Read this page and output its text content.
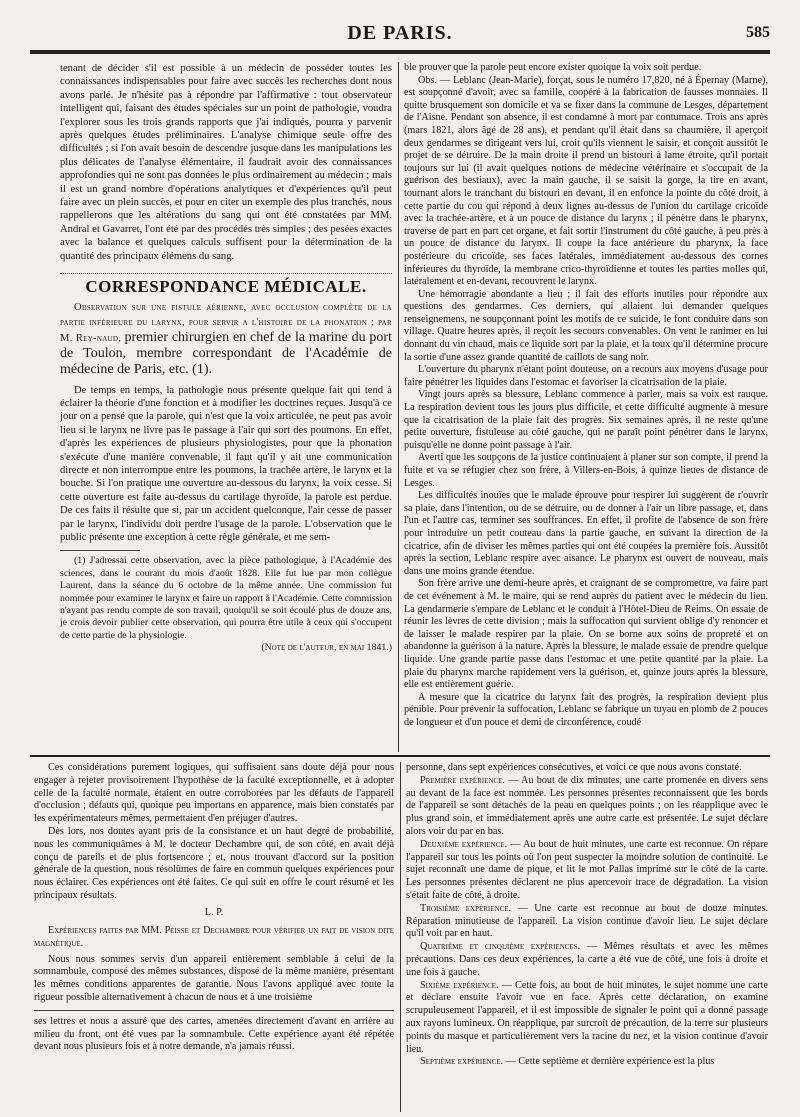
DE PARIS.	585

tenant de décider s'il est possible à un médecin de posséder toutes les connaissances indispensables pour faire avec succès les recherches dont nous avons parlé. Je n'hésite pas à répondre par l'affirmative : tout observateur intelligent qui, faisant des études spéciales sur un point de pathologie, voudra l'explorer sous les trois grands rapports que j'ai indiqués, pourra y parvenir après quelques études préliminaires. L'analyse chimique seule offre des difficultés ; si l'on avait besoin de descendre jusque dans les manipulations les plus délicates de l'analyse élémentaire, il faudrait avoir des connaissances approfondies qui ne sont pas données le plus ordinairement au médecin ; mais il est un grand nombre d'opérations analytiques et d'expériences qu'il peut faire avec un plein succès, et pour en citer un exemple des plus tranchés, nous rappellerons que les altérations du sang qui ont été constatées par MM. Andral et Gavarret, l'ont été par des procédés très simples ; des pesées exactes avec la balance et quelques calculs suffisent pour la détermination de la quantité des principaux élémens du sang.

CORRESPONDANCE MÉDICALE.
Observation sur une fistule aérienne, avec occlusion complète de la partie inférieure du larynx, pour servir a l'histoire de la phonation ; par M. Rey-naud, premier chirurgien en chef de la marine du port de Toulon, membre correspondant de l'Académie de médecine de Paris, etc. (1).

De temps en temps, la pathologie nous présente quelque fait qui tend à éclairer la théorie d'une fonction et à modifier les doctrines reçues. Jusqu'à ce jour on a pensé que la parole, qui n'est que la voix articulée, ne peut pas avoir lieu si le larynx ne livre pas le passage à l'air qui sort des poumons. En effet, d'après les expériences de plusieurs physiologistes, pour que la phonation s'exécute d'une manière convenable, il faut qu'il y ait une communication directe et non interrompue entre les poumons, la trachée artère, le larynx et la bouche. Si l'on pratique une ouverture au-dessous du larynx, la voix cesse. Si cette ouverture est faite au-dessus du cartilage thyroïde, la parole est perdue. De ces faits il résulte que si, par un accident quelconque, l'air cesse de passer par le larynx, l'individu doit perdre l'usage de la parole. L'observation que le public présente une exception à cette règle générale, et me sem-

(1) J'adressai cette observation, avec la pièce pathologique, à l'Académie des sciences, dans le courant du mois d'août 1828. Elle fut lue par mon collègue Laurent, dans la séance du 6 octobre de la même année. Une commission fut nommée pour examiner le larynx et faire un rapport à l'Académie. Cette commission n'ayant pas rendu compte de son travail, quoiqu'il se soit écoulé plus de douze ans, je crois devoir publier cette observation, qui pourra être utile à ceux qui s'occupent de cette partie de la physiologie.

(Note de l'auteur, en mai 1841.)

ble prouver que la parole peut encore exister quoique la voix soit perdue.

Obs. — Leblanc (Jean-Marie), forçat, sous le numéro 17,820, né à Épernay (Marne), est soupçonné d'avoir, avec sa famille, coopéré à la fabrication de fausses monnaies. Il quitte brusquement son domicile et va se fixer dans la commune de Lesges, département de l'Aisne. Pendant son absence, il est condamné à mort par contumace. Trois ans après (mars 1821, alors âgé de 28 ans), et pendant qu'il était dans sa chaumière, il aperçoit deux gendarmes se dirigeant vers lui, croit qu'ils viennent le saisir, et conçoit aussitôt le projet de se détruire. De la main droite il prend un bistouri à lame étroite, qu'il portait toujours sur lui (il avait quelques notions de médecine vétérinaire et s'occupait de la guérison des bestiaux), avec la main gauche, il se saisit la gorge, la tire en avant, tournant alors le tranchant du bistouri en devant, il en enfonce la pointe du côté droit, à cette partie du cou qui répond à deux lignes au-dessus de l'union du cartilage cricoïde avec la trachée-artère, et à un pouce de distance du larynx ; il pénètre dans le pharynx, traverse de part en part cet organe, et fait sortir l'instrument du côté gauche, à peu près à un pouce de distance du larynx. Il coupe la face antérieure du pharynx, la face postérieure du cricoïde, ses faces latérales, immédiatement au-dessous des cornes inférieures du thyroïde, la membrane crico-thyroïdienne et toutes les parties molles qui, latéralement et en-devant, recouvrent le larynx.

Une hémorragie abondante a lieu ; il fait des efforts inutiles pour répondre aux questions des gendarmes. Ces derniers, qui allaient lui demander quelques renseignemens, ne soupçonnant point les motifs de ce suicide, le font conduire dans son village. Quatre heures après, il reçoit les secours convenables. On vent le ranimer en lui donnant du vin chaud, mais ce liquide sort par la plaie, et la toux qu'il détermine procure la sortie d'une assez grande quantité de caillots de sang noir.

L'ouverture du pharynx n'étant point douteuse, on a recours aux moyens d'usage pour faire pénétrer les liquides dans l'estomac et favoriser la cicatrisation de la plaie.

Vingt jours après sa blessure, Leblanc commence à parler, mais sa voix est rauque. La respiration devient tous les jours plus difficile, et cette difficulté augmente à mesure que la cicatrisation de la plaie fait des progrès. Six semaines après, il ne reste qu'une petite ouverture, fistuleuse au côté gauche, qui ne paraît point pénétrer dans le larynx, puisqu'elle ne donne point passage à l'air.

Averti que les soupçons de la justice continuaient à planer sur son compte, il prend la fuite et va se réfugier chez son frère, à Villers-en-Bois, à quinze lieues de distance de Lesges.

Les difficultés inouïes que le malade éprouve pour respirer lui suggèrent de r'ouvrir sa plaie, dans l'intention, ou de se détruire, ou de donner à l'air un libre passage, et, dans l'un et l'autre cas, terminer ses souffrances. En effet, il profite de l'absence de son frère pour introduire un petit couteau dans la partie gauche, en suivant la direction de la cicatrice, afin de diviser les mêmes parties qui ont été coupées la première fois. Aussitôt après la section, Leblanc respire avec aisance. Le pharynx est ouvert de nouveau, mais dans une moins grande étendue.

Son frère arrive une demi-heure après, et craignant de se compromettre, va faire part de cet événement à M. le maire, qui se rend auprès du patient avec le médecin du lieu. La gendarmerie s'empare de Leblanc et le conduit à l'Hôtel-Dieu de Reims. On essaie de réunir les lèvres de cette division ; mais la suffocation qui survient oblige d'y renoncer et de laisser le malade respirer par la plaie. On se borne aux soins de propreté et on abandonne la guérison à la nature. Après la blessure, le malade essaie de prendre quelque liquide. Une grande partie passe dans l'estomac et une petite quantité par la plaie. La plaie du pharynx marche rapidement vers la guérison, et, quinze jours après la blessure, elle est entièrement guérie.

A mesure que la cicatrice du larynx fait des progrès, la respiration devient plus pénible. Pour prévenir la suffocation, Leblanc se fabrique un tuyau en plomb de 2 pouces de longueur et d'un pouce et demi de circonférence, coudé

Ces considérations purement logiques, qui suffisaient sans doute déjà pour nous engager à rejeter provisoirement l'hypothèse de la faculté exceptionnelle, et à adopter celle de la faculté normale, étaient en outre corroborées par les défauts de l'appareil d'occlusion ; défauts qui, quoique peu importans en apparence, mais bien constatés par les expérimentateurs mêmes, permettaient d'en préjuger d'autres.

Dès lors, nos doutes ayant pris de la consistance et un haut degré de probabilité, nous les communiquâmes à M. le docteur Dechambre qui, de son côté, en avait déjà conçu de pareils et de plus fortsencore ; et, nous trouvant d'accord sur la position générale de la question, nous résolûmes de faire en commun quelques expériences pour nous éclairer. Ces expériences ont été faites. Ce qui suit en offre le court résumé et les principaux résultats.

L. P.
Expériences faites par MM. Peisse et Dechambre pour vérifier un fait de vision dite magnétique.

Nous nous sommes servis d'un appareil entièrement semblable à celui de la somnambule, composé des mêmes substances, disposé de la même manière, présentant les mêmes conditions apparentes de garantie. Nous l'avons appliqué avec toute la rigueur possible alternativement à chacun de nous et à une troisième

ses lettres et nous a assuré que des cartes, amenées directement d'avant en arrière au milieu du front, ont été vues par la somnambule. Cette expérience ayant été répétée devant nous plusieurs fois et à notre demande, n'a jamais réussi.

personne, dans sept expériences consécutives, et voici ce que nous avons constaté.

Première expérience. — Au bout de dix minutes, une carte promenée en divers sens au devant de la face est nommée. Les personnes présentes reconnaissent que les bords de l'appareil se sont détachés de la peau en quelques points ; on les réapplique avec le plus grand soin, et immédiatement après une autre carte est présentée. Le sujet déclare alors voir du par en bas.

Deuxième expérience. — Au bout de huit minutes, une carte est reconnue. On répare l'appareil sur tous les points où l'on peut suspecter la moindre solution de continuité. Le sujet reconnaît une dame de pique, et lit le mot Pallas imprimé sur le côté de la carte. Les personnes présentes déclarent ne plus apercevoir trace de dégradation. La vision s'était faite de côté, à droite.

Troisième expérience. — Une carte est reconnue au bout de douze minutes. Réparation minutieuse de l'appareil. La vision continue d'avoir lieu. Le sujet déclare qu'il voit par en haut.

Quatrième et cinquième expériences. — Mêmes résultats et avec les mêmes précautions. Dans ces deux expériences, la carte a été vue de côté, une fois à droite et une fois à gauche.

Sixième expérience. — Cette fois, au bout de huit minutes, le sujet nomme une carte et déclare ensuite l'avoir vue en face. Après cette déclaration, on examine scrupuleusement l'appareil, et il est impossible de signaler le point qui a donné passage aux rayons lumineux. On réapplique, par surcroît de précaution, de la terre sur plusieurs points du masque et particulièrement vers la racine du nez, et la vision continue d'avoir lieu.

Septième expérience. — Cette septième et dernière expérience est la plus
